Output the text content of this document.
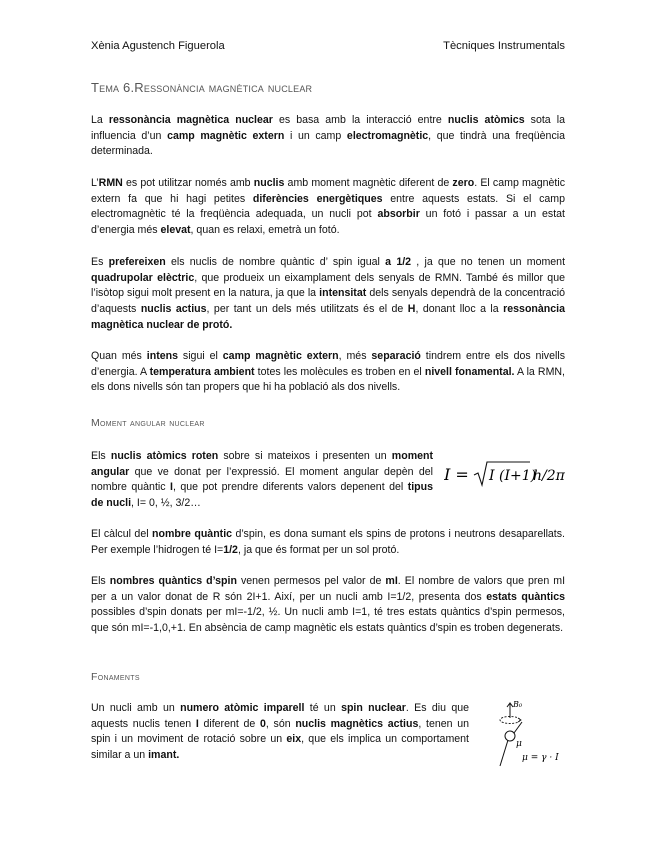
Xènia Agustench Figuerola	Tècniques Instrumentals
Tema 6.Ressonància magnètica nuclear

La ressonància magnètica nuclear es basa amb la interacció entre nuclis atòmics sota la influencia d’un camp magnètic extern i un camp electromagnètic, que tindrà una freqüència determinada.

L’RMN es pot utilitzar només amb nuclis amb moment magnètic diferent de zero. El camp magnètic extern fa que hi hagi petites diferències energètiques entre aquests estats. Si el camp electromagnètic té la freqüència adequada, un nucli pot absorbir un fotó i passar a un estat d’energia més elevat, quan es relaxi, emetrà un fotó.

Es prefereixen els nuclis de nombre quàntic d’ spin igual a 1/2 , ja que no tenen un moment quadrupolar elèctric, que produeix un eixamplament dels senyals de RMN. També és millor que l’isòtop sigui molt present en la natura, ja que la intensitat dels senyals dependrà de la concentració d’aquests nuclis actius, per tant un dels més utilitzats és el de H, donant lloc a la ressonància magnètica nuclear de protó.

Quan més intens sigui el camp magnètic extern, més separació tindrem entre els dos nivells d’energia. A temperatura ambient totes les molècules es troben en el nivell fonamental. A la RMN, els dons nivells són tan propers que hi ha població als dos nivells.

Moment angular nuclear

Els nuclis atòmics roten sobre si mateixos i presenten un moment angular que ve donat per l’expressió. El moment angular depèn del nombre quàntic I, que pot prendre diferents valors depenent del tipus de nucli, I= 0, ½, 3/2…

I = I (I+1)
h/2π

El càlcul del nombre quàntic d’spin, es dona sumant els spins de protons i neutrons desaparellats. Per exemple l’hidrogen té I=1/2, ja que és format per un sol protó.

Els nombres quàntics d’spin venen permesos pel valor de mI. El nombre de valors que pren mI per a un valor donat de R són 2I+1. Així, per un nucli amb I=1/2, presenta dos estats quàntics possibles d’spin donats per mI=-1/2, ½. Un nucli amb I=1, té tres estats quàntics d’spin permesos, que són mI=-1,0,+1. En absència de camp magnètic els estats quàntics d’spin es troben degenerats.

Fonaments

Un nucli amb un numero atòmic imparell té un spin nuclear. Es diu que aquests nuclis tenen I diferent de 0, són nuclis magnètics actius, tenen un spin i un moviment de rotació sobre un eix, que els implica un comportament similar a un imant.

B₀
μ
μ = γ · I
